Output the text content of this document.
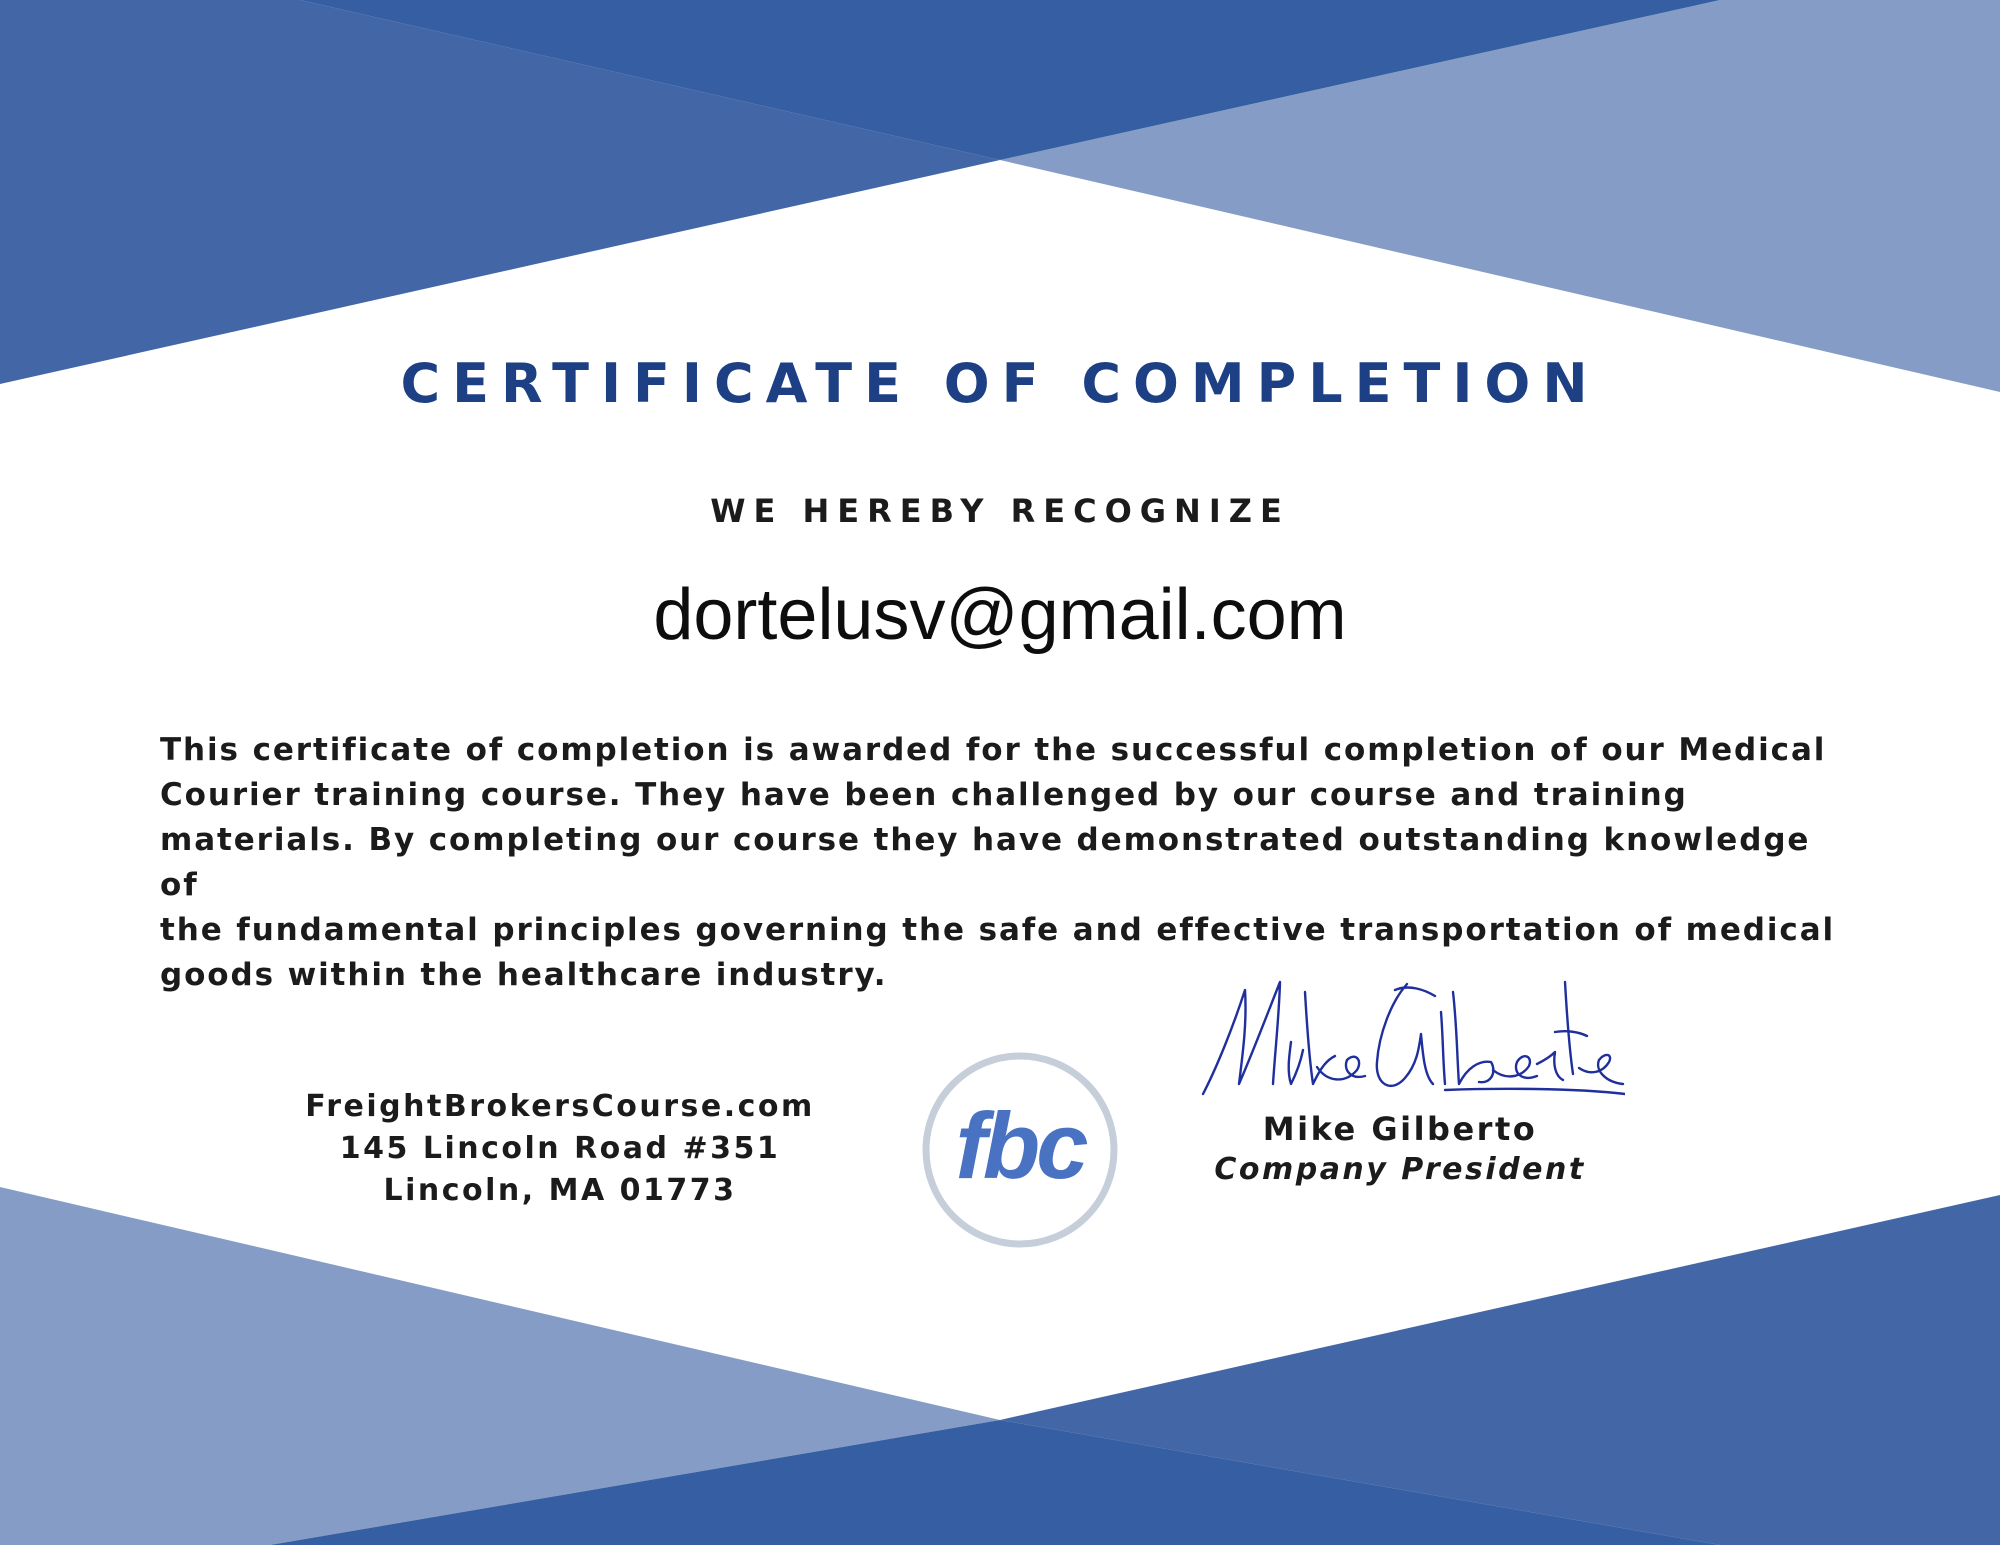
CERTIFICATE OF COMPLETION
WE HEREBY RECOGNIZE
dortelusv@gmail.com
This certificate of completion is awarded for the successful completion of our Medical
Courier training course. They have been challenged by our course and training
materials. By completing our course they have demonstrated outstanding knowledge of
the fundamental principles governing the safe and effective transportation of medical
goods within the healthcare industry.
FreightBrokersCourse.com
145 Lincoln Road #351
Lincoln, MA 01773	fbc	Mike Gilberto
Company President
